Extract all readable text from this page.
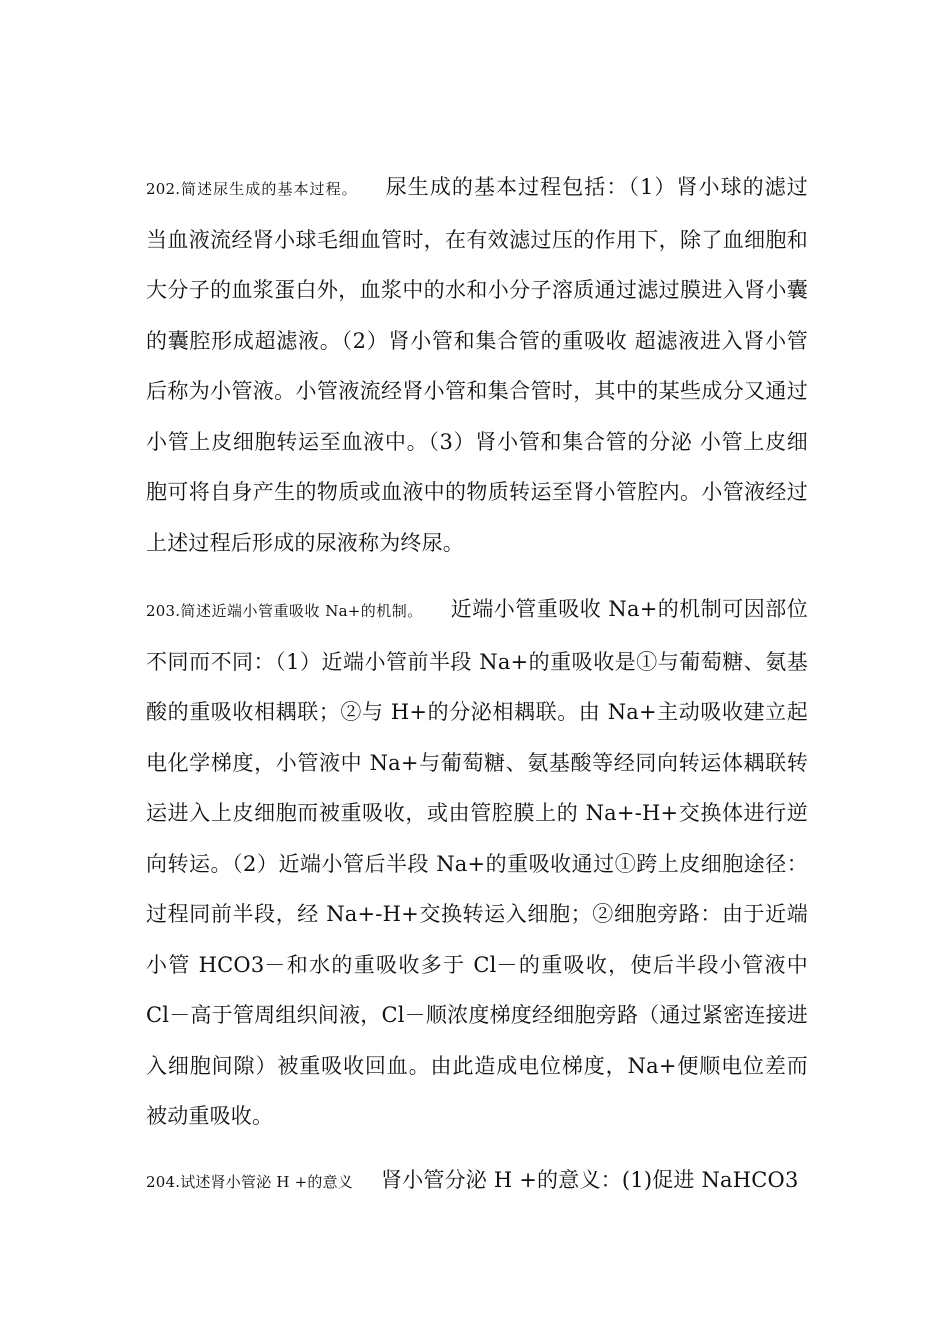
202.简述尿生成的基本过程。 尿生成的基本过程包括：（1）肾小球的滤过 当血液流经肾小球毛细血管时，在有效滤过压的作用下，除了血细胞和大分子的血浆蛋白外，血浆中的水和小分子溶质通过滤过膜进入肾小囊的囊腔形成超滤液。（2）肾小管和集合管的重吸收 超滤液进入肾小管后称为小管液。小管液流经肾小管和集合管时，其中的某些成分又通过小管上皮细胞转运至血液中。（3）肾小管和集合管的分泌 小管上皮细胞可将自身产生的物质或血液中的物质转运至肾小管腔内。小管液经过上述过程后形成的尿液称为终尿。
203.简述近端小管重吸收 Na+的机制。 近端小管重吸收 Na+的机制可因部位不同而不同：（1）近端小管前半段 Na+的重吸收是①与葡萄糖、氨基酸的重吸收相耦联；②与 H+的分泌相耦联。由 Na+主动吸收建立起电化学梯度，小管液中 Na+与葡萄糖、氨基酸等经同向转运体耦联转运进入上皮细胞而被重吸收，或由管腔膜上的 Na+-H+交换体进行逆向转运。（2）近端小管后半段 Na+的重吸收通过①跨上皮细胞途径：过程同前半段，经 Na+-H+交换转运入细胞；②细胞旁路：由于近端小管 HCO3－和水的重吸收多于 Cl－的重吸收，使后半段小管液中 Cl－高于管周组织间液，Cl－顺浓度梯度经细胞旁路（通过紧密连接进入细胞间隙）被重吸收回血。由此造成电位梯度，Na+便顺电位差而被动重吸收。
204.试述肾小管泌 H +的意义 肾小管分泌 H +的意义：(1)促进 NaHCO3
